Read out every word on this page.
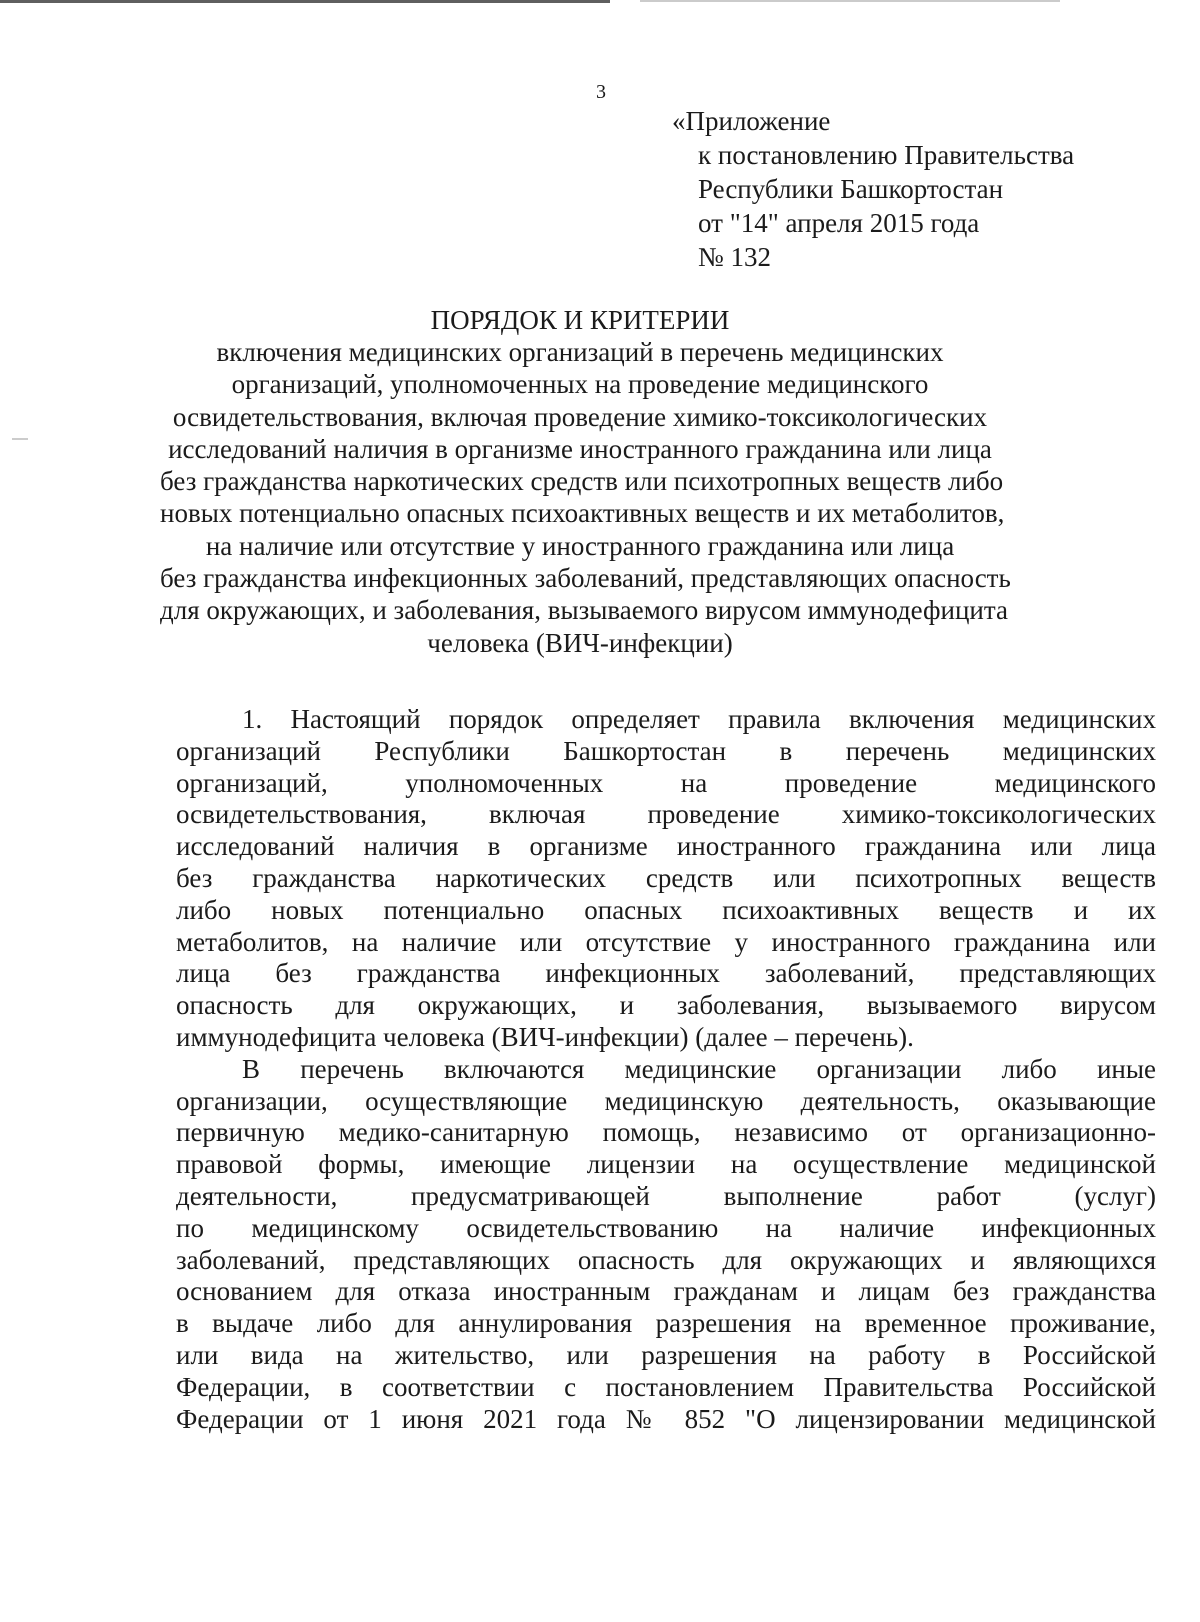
3
«Приложение
к постановлению Правительства
Республики Башкортостан
от "14" апреля 2015 года
№ 132
ПОРЯДОК И КРИТЕРИИ
включения медицинских организаций в перечень медицинских
организаций, уполномоченных на проведение медицинского
освидетельствования, включая проведение химико-токсикологических
исследований наличия в организме иностранного гражданина или лица
без гражданства наркотических средств или психотропных веществ либо
новых потенциально опасных психоактивных веществ и их метаболитов,
на наличие или отсутствие у иностранного гражданина или лица
без гражданства инфекционных заболеваний, представляющих опасность
для окружающих, и заболевания, вызываемого вирусом иммунодефицита
человека (ВИЧ-инфекции)
1. Настоящий порядок определяет правила включения медицинских
организаций Республики Башкортостан в перечень медицинских
организаций, уполномоченных на проведение медицинского
освидетельствования, включая проведение химико-токсикологических
исследований наличия в организме иностранного гражданина или лица
без гражданства наркотических средств или психотропных веществ
либо новых потенциально опасных психоактивных веществ и их
метаболитов, на наличие или отсутствие у иностранного гражданина или
лица без гражданства инфекционных заболеваний, представляющих
опасность для окружающих, и заболевания, вызываемого вирусом
иммунодефицита человека (ВИЧ-инфекции) (далее – перечень).
В перечень включаются медицинские организации либо иные
организации, осуществляющие медицинскую деятельность, оказывающие
первичную медико-санитарную помощь, независимо от организационно-
правовой формы, имеющие лицензии на осуществление медицинской
деятельности, предусматривающей выполнение работ (услуг)
по медицинскому освидетельствованию на наличие инфекционных
заболеваний, представляющих опасность для окружающих и являющихся
основанием для отказа иностранным гражданам и лицам без гражданства
в выдаче либо для аннулирования разрешения на временное проживание,
или вида на жительство, или разрешения на работу в Российской
Федерации, в соответствии с постановлением Правительства Российской
Федерации от 1 июня 2021 года № 852 "О лицензировании медицинской
